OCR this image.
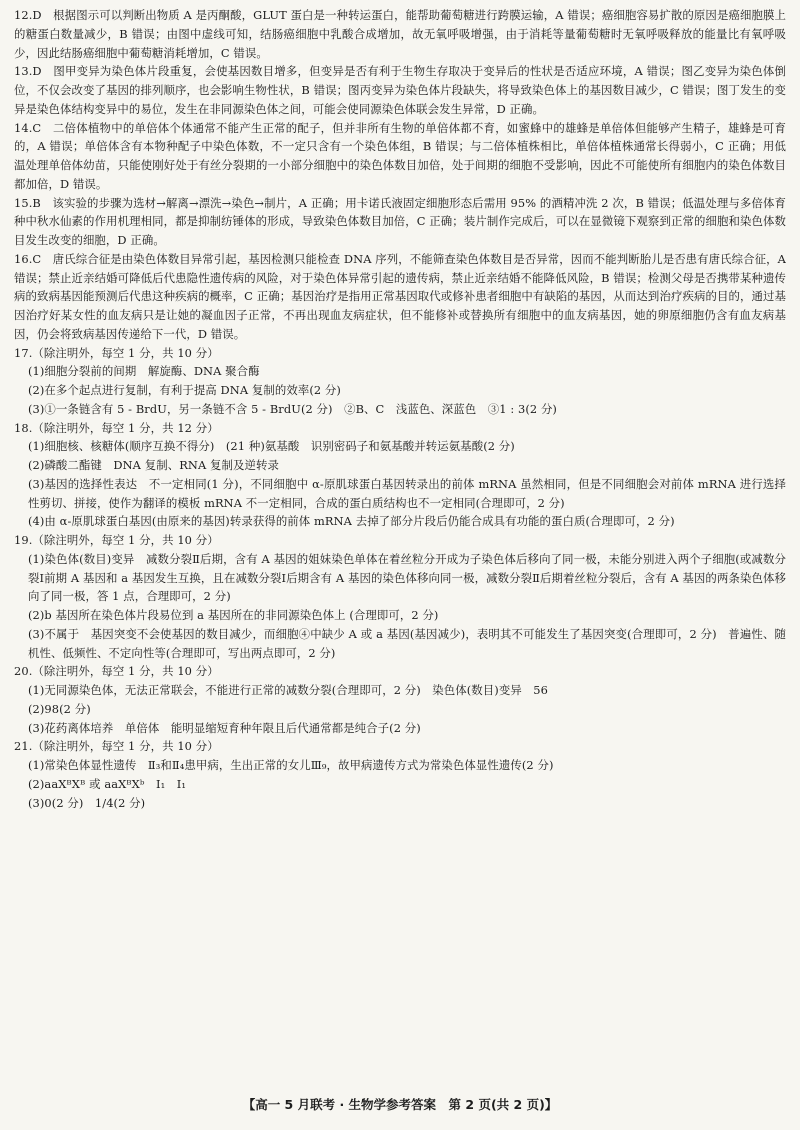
12.D　根据图示可以判断出物质 A 是丙酮酸，GLUT 蛋白是一种转运蛋白，能帮助葡萄糖进行跨膜运输，A 错误；癌细胞容易扩散的原因是癌细胞膜上的糖蛋白数量减少，B 错误；由图中虚线可知，结肠癌细胞中乳酸合成增加，故无氧呼吸增强，由于消耗等量葡萄糖时无氧呼吸释放的能量比有氧呼吸少，因此结肠癌细胞中葡萄糖消耗增加，C 错误。

13.D　图甲变异为染色体片段重复，会使基因数目增多，但变异是否有利于生物生存取决于变异后的性状是否适应环境，A 错误；图乙变异为染色体倒位，不仅会改变了基因的排列顺序，也会影响生物性状，B 错误；图丙变异为染色体片段缺失，将导致染色体上的基因数目减少，C 错误；图丁发生的变异是染色体结构变异中的易位，发生在非同源染色体之间，可能会使同源染色体联会发生异常，D 正确。

14.C　二倍体植物中的单倍体个体通常不能产生正常的配子，但并非所有生物的单倍体都不育，如蜜蜂中的雄蜂是单倍体但能够产生精子，雄蜂是可育的，A 错误；单倍体含有本物种配子中染色体数，不一定只含有一个染色体组，B 错误；与二倍体植株相比，单倍体植株通常长得弱小，C 正确；用低温处理单倍体幼苗，只能使刚好处于有丝分裂期的一小部分细胞中的染色体数目加倍，处于间期的细胞不受影响，因此不可能使所有细胞内的染色体数目都加倍，D 错误。

15.B　该实验的步骤为选材→解离→漂洗→染色→制片，A 正确；用卡诺氏液固定细胞形态后需用 95% 的酒精冲洗 2 次，B 错误；低温处理与多倍体育种中秋水仙素的作用机理相同，都是抑制纺锤体的形成，导致染色体数目加倍，C 正确；装片制作完成后，可以在显微镜下观察到正常的细胞和染色体数目发生改变的细胞，D 正确。

16.C　唐氏综合征是由染色体数目异常引起，基因检测只能检查 DNA 序列，不能筛查染色体数目是否异常，因而不能判断胎儿是否患有唐氏综合征，A 错误；禁止近亲结婚可降低后代患隐性遗传病的风险，对于染色体异常引起的遗传病，禁止近亲结婚不能降低风险，B 错误；检测父母是否携带某种遗传病的致病基因能预测后代患这种疾病的概率，C 正确；基因治疗是指用正常基因取代或修补患者细胞中有缺陷的基因，从而达到治疗疾病的目的，通过基因治疗好某女性的血友病只是让她的凝血因子正常，不再出现血友病症状，但不能修补或替换所有细胞中的血友病基因，她的卵原细胞仍含有血友病基因，仍会将致病基因传递给下一代，D 错误。

17.（除注明外，每空 1 分，共 10 分）

(1)细胞分裂前的间期　解旋酶、DNA 聚合酶

(2)在多个起点进行复制，有利于提高 DNA 复制的效率(2 分)

(3)①一条链含有 5 - BrdU，另一条链不含 5 - BrdU(2 分)　②B、C　浅蓝色、深蓝色　③1 : 3(2 分)

18.（除注明外，每空 1 分，共 12 分）

(1)细胞核、核糖体(顺序互换不得分)　(21 种)氨基酸　识别密码子和氨基酸并转运氨基酸(2 分)

(2)磷酸二酯键　DNA 复制、RNA 复制及逆转录

(3)基因的选择性表达　不一定相同(1 分)，不同细胞中 α-原肌球蛋白基因转录出的前体 mRNA 虽然相同，但是不同细胞会对前体 mRNA 进行选择性剪切、拼接，使作为翻译的模板 mRNA 不一定相同，合成的蛋白质结构也不一定相同(合理即可，2 分)

(4)由 α-原肌球蛋白基因(由原来的基因)转录获得的前体 mRNA 去掉了部分片段后仍能合成具有功能的蛋白质(合理即可，2 分)

19.（除注明外，每空 1 分，共 10 分）

(1)染色体(数目)变异　减数分裂Ⅱ后期，含有 A 基因的姐妹染色单体在着丝粒分开成为子染色体后移向了同一极，未能分别进入两个子细胞(或减数分裂Ⅰ前期 A 基因和 a 基因发生互换，且在减数分裂Ⅰ后期含有 A 基因的染色体移向同一极，减数分裂Ⅱ后期着丝粒分裂后，含有 A 基因的两条染色体移向了同一极，答 1 点，合理即可，2 分)

(2)b 基因所在染色体片段易位到 a 基因所在的非同源染色体上 (合理即可，2 分)

(3)不属于　基因突变不会使基因的数目减少，而细胞④中缺少 A 或 a 基因(基因减少)，表明其不可能发生了基因突变(合理即可，2 分)　普遍性、随机性、低频性、不定向性等(合理即可，写出两点即可，2 分)

20.（除注明外，每空 1 分，共 10 分）

(1)无同源染色体，无法正常联会，不能进行正常的减数分裂(合理即可，2 分)　染色体(数目)变异　56

(2)98(2 分)

(3)花药离体培养　单倍体　能明显缩短育种年限且后代通常都是纯合子(2 分)

21.（除注明外，每空 1 分，共 10 分）

(1)常染色体显性遗传　Ⅱ₃和Ⅱ₄患甲病，生出正常的女儿Ⅲ₉，故甲病遗传方式为常染色体显性遗传(2 分)

(2)aaXᴮXᴮ 或 aaXᴮXᵇ　Ⅰ₁　Ⅰ₁

(3)0(2 分)　1/4(2 分)

【高一 5 月联考 · 生物学参考答案　第 2 页(共 2 页)】
